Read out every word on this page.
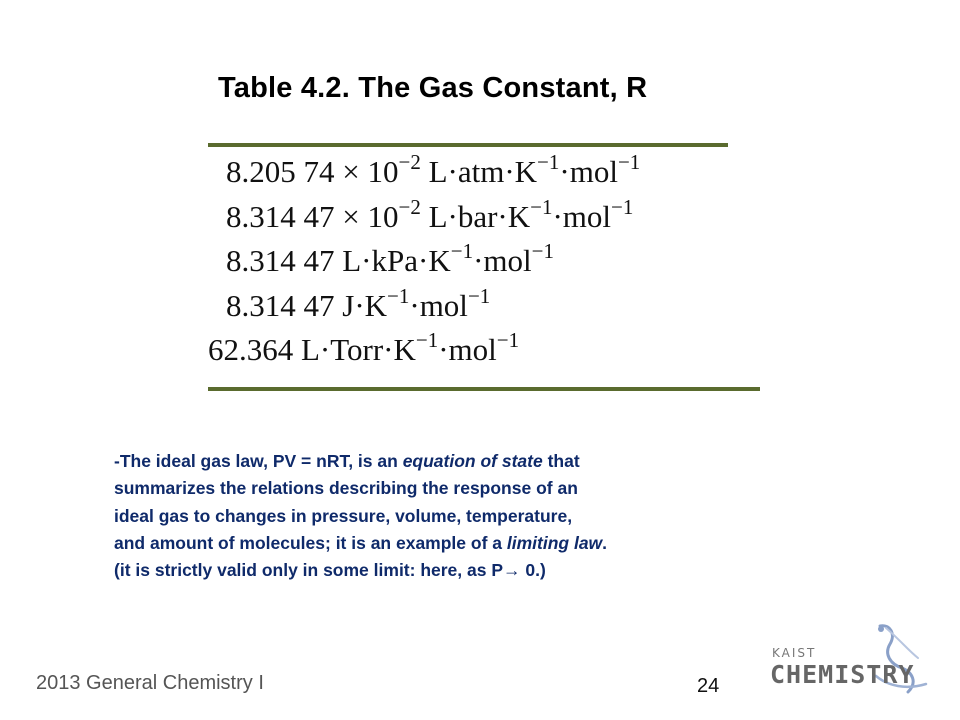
Table 4.2. The Gas Constant, R
8.205 $74 \times 10^{-2}$ $L\cdot atm\cdot K^{-1}\cdot mol^{-1}$
8.314 $47 \times 10^{-2}$ $L\cdot bar\cdot K^{-1}\cdot mol^{-1}$
8.314 47 $L\cdot kPa\cdot K^{-1}\cdot mol^{-1}$
8.314 47 $J\cdot K^{-1}\cdot mol^{-1}$
62.364 $L\cdot Torr\cdot K^{-1}\cdot mol^{-1}$

-The ideal gas law, PV = nRT, is an equation of state that

summarizes the relations describing the response of an

ideal gas to changes in pressure, volume, temperature,

and amount of molecules; it is an example of a limiting law.

(it is strictly valid only in some limit: here, as P→ 0.)

2013 General Chemistry I	24
KAIST
CHEMISTRY
